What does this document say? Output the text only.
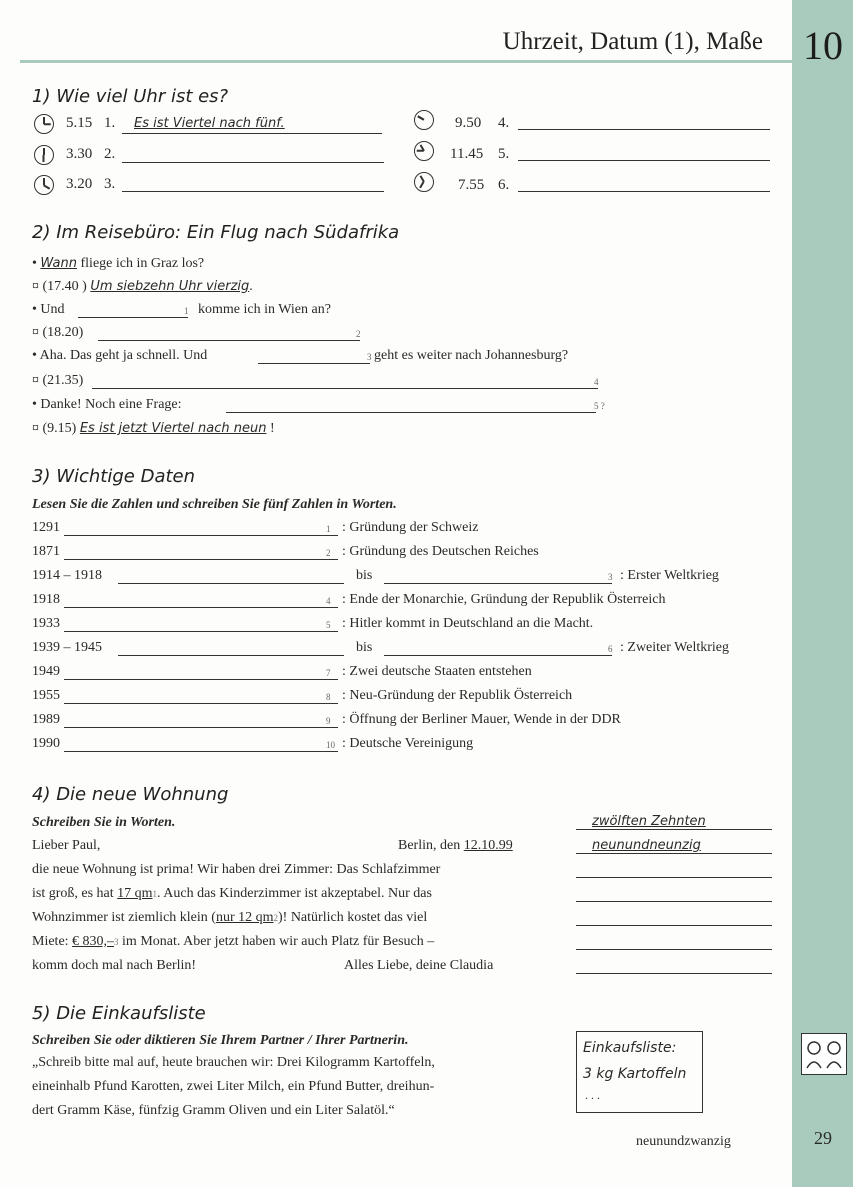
10
Uhrzeit, Datum (1), Maße
1) Wie viel Uhr ist es?
5.15 1. Es ist Viertel nach fünf.
3.30 2.
3.20 3.
9.50 4.
11.45 5.
7.55 6.
2) Im Reisebüro: Ein Flug nach Südafrika
• Wann fliege ich in Graz los?
¤ (17.40 ) Um siebzehn Uhr vierzig.
• Und	1 komme ich in Wien an?
¤ (18.20)	2
• Aha. Das geht ja schnell. Und	3 geht es weiter nach Johannesburg?
¤ (21.35)	4
• Danke! Noch eine Frage:	5 ?
¤ (9.15) Es ist jetzt Viertel nach neun !
3) Wichtige Daten
Lesen Sie die Zahlen und schreiben Sie fünf Zahlen in Worten.
1291	1 : Gründung der Schweiz
1871	2 : Gründung des Deutschen Reiches
1914 – 1918	bis	3 : Erster Weltkrieg
1918	4 : Ende der Monarchie, Gründung der Republik Österreich
1933	5 : Hitler kommt in Deutschland an die Macht.
1939 – 1945	bis	6 : Zweiter Weltkrieg
1949	7 : Zwei deutsche Staaten entstehen
1955	8 : Neu-Gründung der Republik Österreich
1989	9 : Öffnung der Berliner Mauer, Wende in der DDR
1990	10 : Deutsche Vereinigung
4) Die neue Wohnung
Schreiben Sie in Worten.
Lieber Paul,	Berlin, den 12.10.99
die neue Wohnung ist prima! Wir haben drei Zimmer: Das Schlafzimmer
ist groß, es hat 17 qm1. Auch das Kinderzimmer ist akzeptabel. Nur das
Wohnzimmer ist ziemlich klein (nur 12 qm2)! Natürlich kostet das viel
Miete: € 830,–3 im Monat. Aber jetzt haben wir auch Platz für Besuch –
komm doch mal nach Berlin!	Alles Liebe, deine Claudia
zwölften Zehnten
neunundneunzig
5) Die Einkaufsliste
Schreiben Sie oder diktieren Sie Ihrem Partner / Ihrer Partnerin.
„Schreib bitte mal auf, heute brauchen wir: Drei Kilogramm Kartoffeln,
eineinhalb Pfund Karotten, zwei Liter Milch, ein Pfund Butter, dreihun-
dert Gramm Käse, fünfzig Gramm Oliven und ein Liter Salatöl.“
Einkaufsliste:
3 kg Kartoffeln
. . .
neunundzwanzig	29
